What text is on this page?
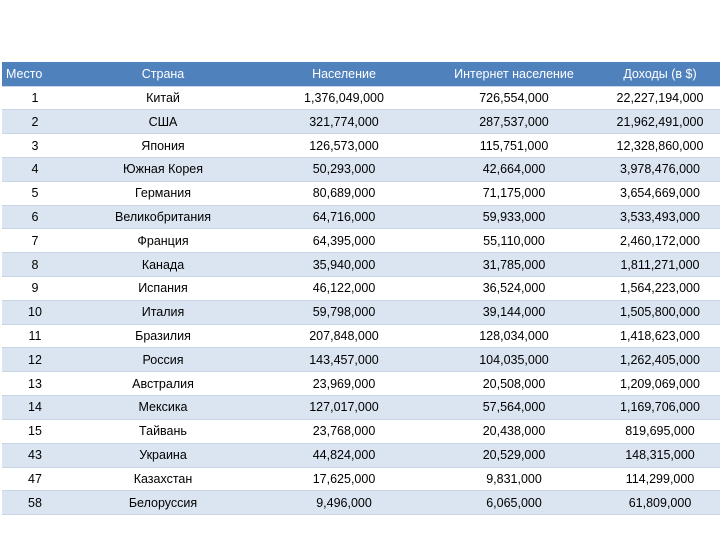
Место	Страна	Население	Интернет население	Доходы (в $)
1	Китай	1,376,049,000	726,554,000	22,227,194,000
2	США	321,774,000	287,537,000	21,962,491,000
3	Япония	126,573,000	115,751,000	12,328,860,000
4	Южная Корея	50,293,000	42,664,000	3,978,476,000
5	Германия	80,689,000	71,175,000	3,654,669,000
6	Великобритания	64,716,000	59,933,000	3,533,493,000
7	Франция	64,395,000	55,110,000	2,460,172,000
8	Канада	35,940,000	31,785,000	1,811,271,000
9	Испания	46,122,000	36,524,000	1,564,223,000
10	Италия	59,798,000	39,144,000	1,505,800,000
11	Бразилия	207,848,000	128,034,000	1,418,623,000
12	Россия	143,457,000	104,035,000	1,262,405,000
13	Австралия	23,969,000	20,508,000	1,209,069,000
14	Мексика	127,017,000	57,564,000	1,169,706,000
15	Тайвань	23,768,000	20,438,000	819,695,000
43	Украина	44,824,000	20,529,000	148,315,000
47	Казахстан	17,625,000	9,831,000	114,299,000
58	Белоруссия	9,496,000	6,065,000	61,809,000
